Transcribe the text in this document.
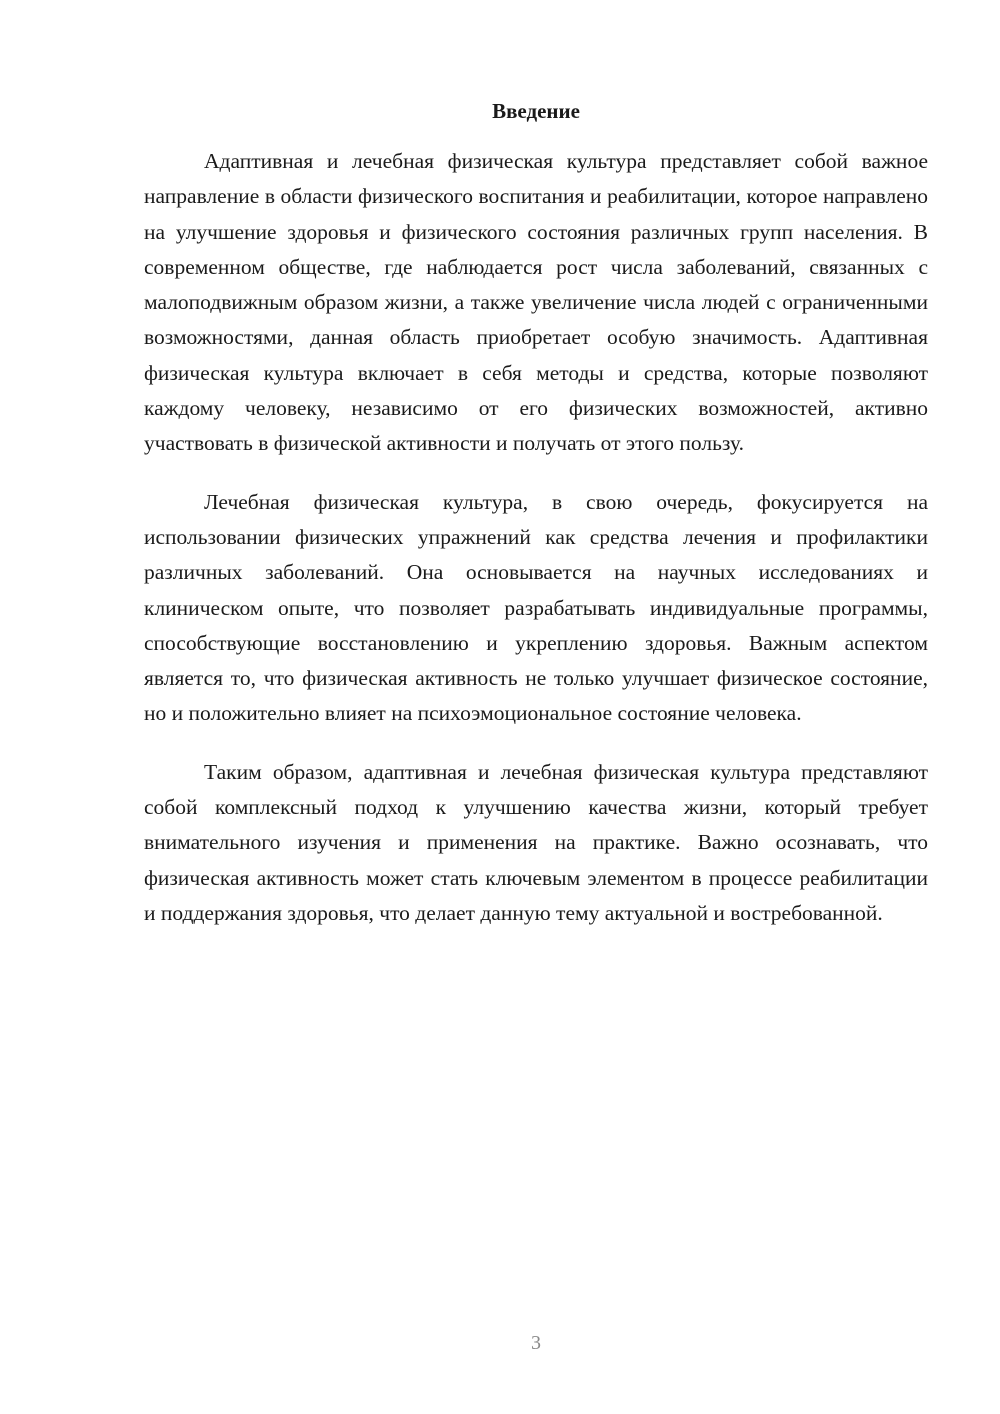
Введение

Адаптивная и лечебная физическая культура представляет собой важное направление в области физического воспитания и реабилитации, которое направлено на улучшение здоровья и физического состояния различных групп населения. В современном обществе, где наблюдается рост числа заболеваний, связанных с малоподвижным образом жизни, а также увеличение числа людей с ограниченными возможностями, данная область приобретает особую значимость. Адаптивная физическая культура включает в себя методы и средства, которые позволяют каждому человеку, независимо от его физических возможностей, активно участвовать в физической активности и получать от этого пользу.

Лечебная физическая культура, в свою очередь, фокусируется на использовании физических упражнений как средства лечения и профилактики различных заболеваний. Она основывается на научных исследованиях и клиническом опыте, что позволяет разрабатывать индивидуальные программы, способствующие восстановлению и укреплению здоровья. Важным аспектом является то, что физическая активность не только улучшает физическое состояние, но и положительно влияет на психоэмоциональное состояние человека.

Таким образом, адаптивная и лечебная физическая культура представляют собой комплексный подход к улучшению качества жизни, который требует внимательного изучения и применения на практике. Важно осознавать, что физическая активность может стать ключевым элементом в процессе реабилитации и поддержания здоровья, что делает данную тему актуальной и востребованной.

3
